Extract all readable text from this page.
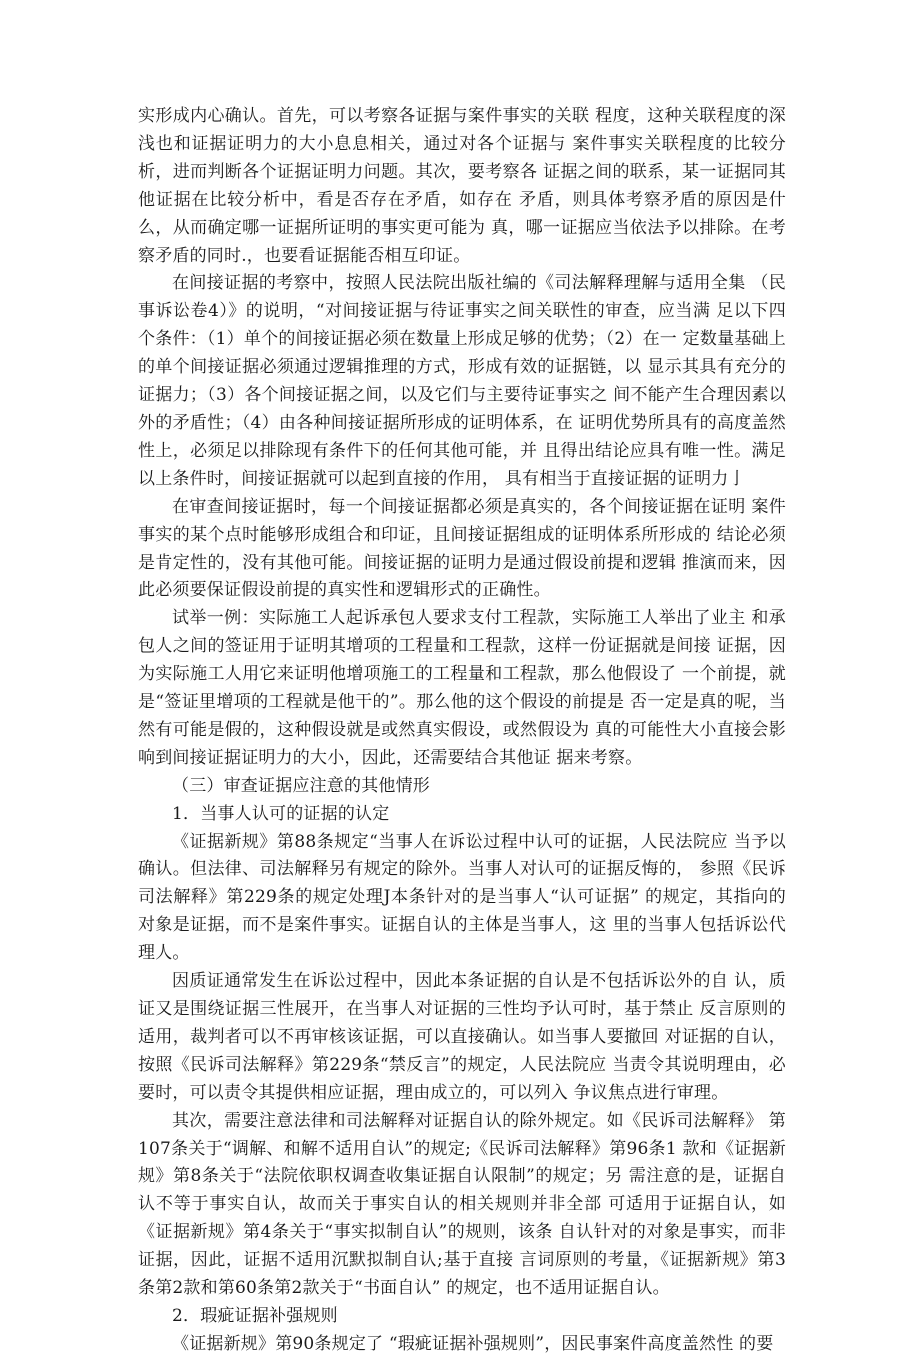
实形成内心确认。首先，可以考察各证据与案件事实的关联 程度，这种关联程度的深浅也和证据证明力的大小息息相关，通过对各个证据与 案件事实关联程度的比较分析，进而判断各个证据证明力问题。其次，要考察各 证据之间的联系，某一证据同其他证据在比较分析中，看是否存在矛盾，如存在 矛盾，则具体考察矛盾的原因是什么，从而确定哪一证据所证明的事实更可能为 真，哪一证据应当依法予以排除。在考察矛盾的同时.，也要看证据能否相互印证。

在间接证据的考察中，按照人民法院出版社编的《司法解释理解与适用全集 （民事诉讼卷4）》的说明，“对间接证据与待证事实之间关联性的审查，应当满 足以下四个条件：（1）单个的间接证据必须在数量上形成足够的优势；（2）在一 定数量基础上的单个间接证据必须通过逻辑推理的方式，形成有效的证据链，以 显示其具有充分的证据力；（3）各个间接证据之间，以及它们与主要待证事实之 间不能产生合理因素以外的矛盾性；（4）由各种间接证据所形成的证明体系，在 证明优势所具有的高度盖然性上，必须足以排除现有条件下的任何其他可能，并 且得出结论应具有唯一性。满足以上条件时，间接证据就可以起到直接的作用， 具有相当于直接证据的证明力亅

在审查间接证据时，每一个间接证据都必须是真实的，各个间接证据在证明 案件事实的某个点时能够形成组合和印证，且间接证据组成的证明体系所形成的 结论必须是肯定性的，没有其他可能。间接证据的证明力是通过假设前提和逻辑 推演而来，因此必须要保证假设前提的真实性和逻辑形式的正确性。

试举一例：实际施工人起诉承包人要求支付工程款，实际施工人举出了业主 和承包人之间的签证用于证明其增项的工程量和工程款，这样一份证据就是间接 证据，因为实际施工人用它来证明他增项施工的工程量和工程款，那么他假设了 一个前提，就是“签证里增项的工程就是他干的”。那么他的这个假设的前提是 否一定是真的呢，当然有可能是假的，这种假设就是或然真实假设，或然假设为 真的可能性大小直接会影响到间接证据证明力的大小，因此，还需要结合其他证 据来考察。

（三）审查证据应注意的其他情形

1．当事人认可的证据的认定

《证据新规》第88条规定“当事人在诉讼过程中认可的证据，人民法院应 当予以确认。但法律、司法解释另有规定的除外。当事人对认可的证据反悔的， 参照《民诉司法解释》第229条的规定处理J本条针对的是当事人“认可证据” 的规定，其指向的对象是证据，而不是案件事实。证据自认的主体是当事人，这 里的当事人包括诉讼代理人。

因质证通常发生在诉讼过程中，因此本条证据的自认是不包括诉讼外的自 认，质证又是围绕证据三性展开，在当事人对证据的三性均予认可时，基于禁止 反言原则的适用，裁判者可以不再审核该证据，可以直接确认。如当事人要撤回 对证据的自认，按照《民诉司法解释》第229条“禁反言”的规定，人民法院应 当责令其说明理由，必要时，可以责令其提供相应证据，理由成立的，可以列入 争议焦点进行审理。

其次，需要注意法律和司法解释对证据自认的除外规定。如《民诉司法解释》 第107条关于“调解、和解不适用自认”的规定;《民诉司法解释》第96条1 款和《证据新规》第8条关于“法院依职权调查收集证据自认限制”的规定；另 需注意的是，证据自认不等于事实自认，故而关于事实自认的相关规则并非全部 可适用于证据自认，如《证据新规》第4条关于“事实拟制自认”的规则，该条 自认针对的对象是事实，而非证据，因此，证据不适用沉默拟制自认;基于直接 言词原则的考量，《证据新规》第3条第2款和第60条第2款关于“书面自认” 的规定，也不适用证据自认。

2．瑕疵证据补强规则

《证据新规》第90条规定了 “瑕疵证据补强规则”，因民事案件高度盖然性 的要
